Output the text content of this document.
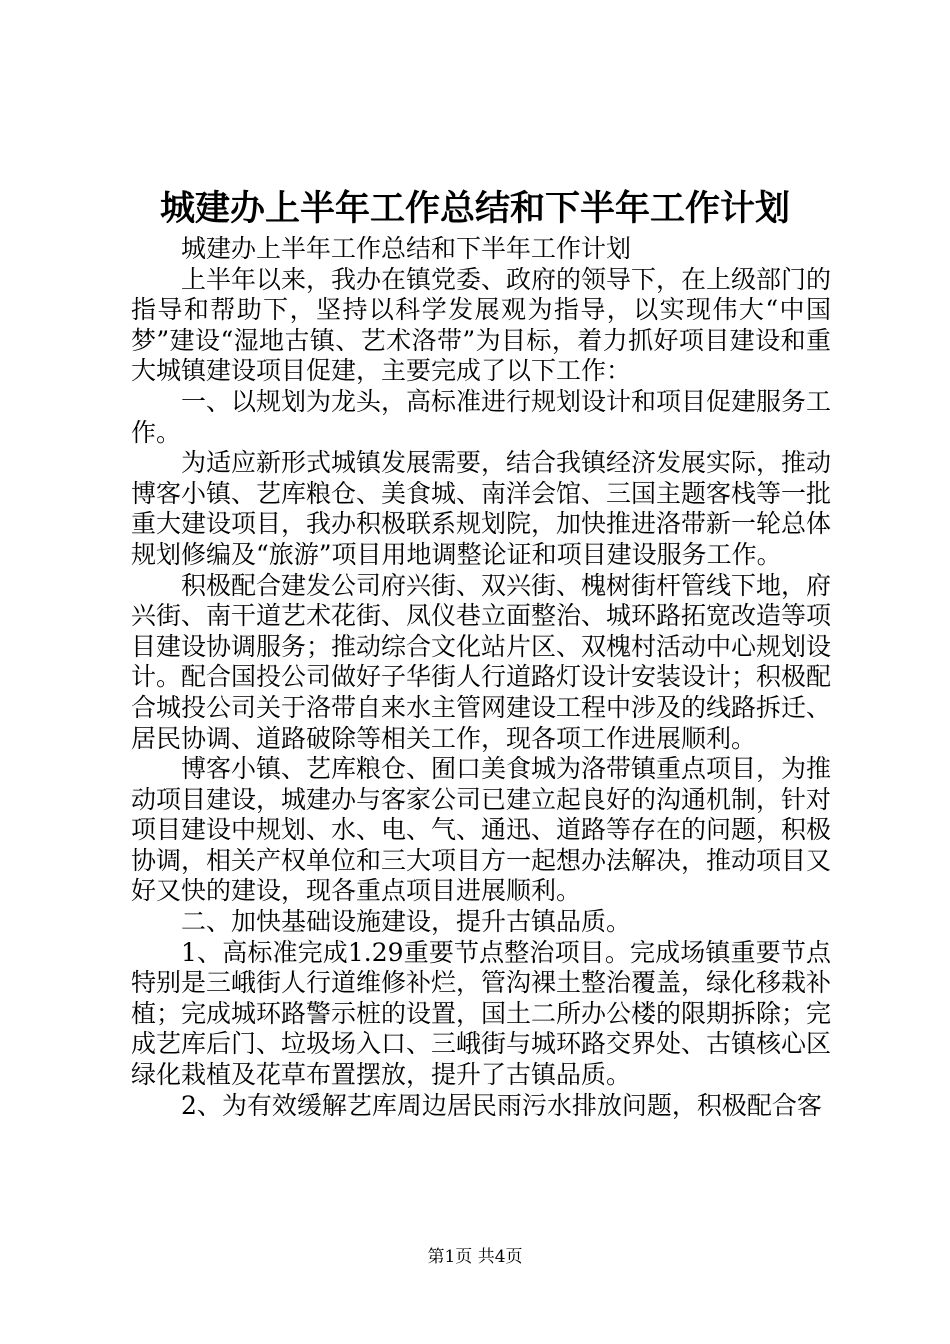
城建办上半年工作总结和下半年工作计划

城建办上半年工作总结和下半年工作计划

上半年以来，我办在镇党委、政府的领导下，在上级部门的指导和帮助下，坚持以科学发展观为指导，以实现伟大“中国梦”建设“湿地古镇、艺术洛带”为目标，着力抓好项目建设和重大城镇建设项目促建，主要完成了以下工作：

一、以规划为龙头，高标准进行规划设计和项目促建服务工作。

为适应新形式城镇发展需要，结合我镇经济发展实际，推动博客小镇、艺库粮仓、美食城、南洋会馆、三国主题客栈等一批重大建设项目，我办积极联系规划院，加快推进洛带新一轮总体规划修编及“旅游”项目用地调整论证和项目建设服务工作。

积极配合建发公司府兴街、双兴街、槐树街杆管线下地，府兴街、南干道艺术花街、凤仪巷立面整治、城环路拓宽改造等项目建设协调服务；推动综合文化站片区、双槐村活动中心规划设计。配合国投公司做好子华街人行道路灯设计安装设计；积极配合城投公司关于洛带自来水主管网建设工程中涉及的线路拆迁、居民协调、道路破除等相关工作，现各项工作进展顺利。

博客小镇、艺库粮仓、囿口美食城为洛带镇重点项目，为推动项目建设，城建办与客家公司已建立起良好的沟通机制，针对项目建设中规划、水、电、气、通迅、道路等存在的问题，积极协调，相关产权单位和三大项目方一起想办法解决，推动项目又好又快的建设，现各重点项目进展顺利。

二、加快基础设施建设，提升古镇品质。

1、高标准完成1.29重要节点整治项目。完成场镇重要节点特别是三峨街人行道维修补烂，管沟裸土整治覆盖，绿化移栽补植；完成城环路警示桩的设置，国土二所办公楼的限期拆除；完成艺库后门、垃圾场入口、三峨街与城环路交界处、古镇核心区绿化栽植及花草布置摆放，提升了古镇品质。

2、为有效缓解艺库周边居民雨污水排放问题，积极配合客

第1页 共4页
